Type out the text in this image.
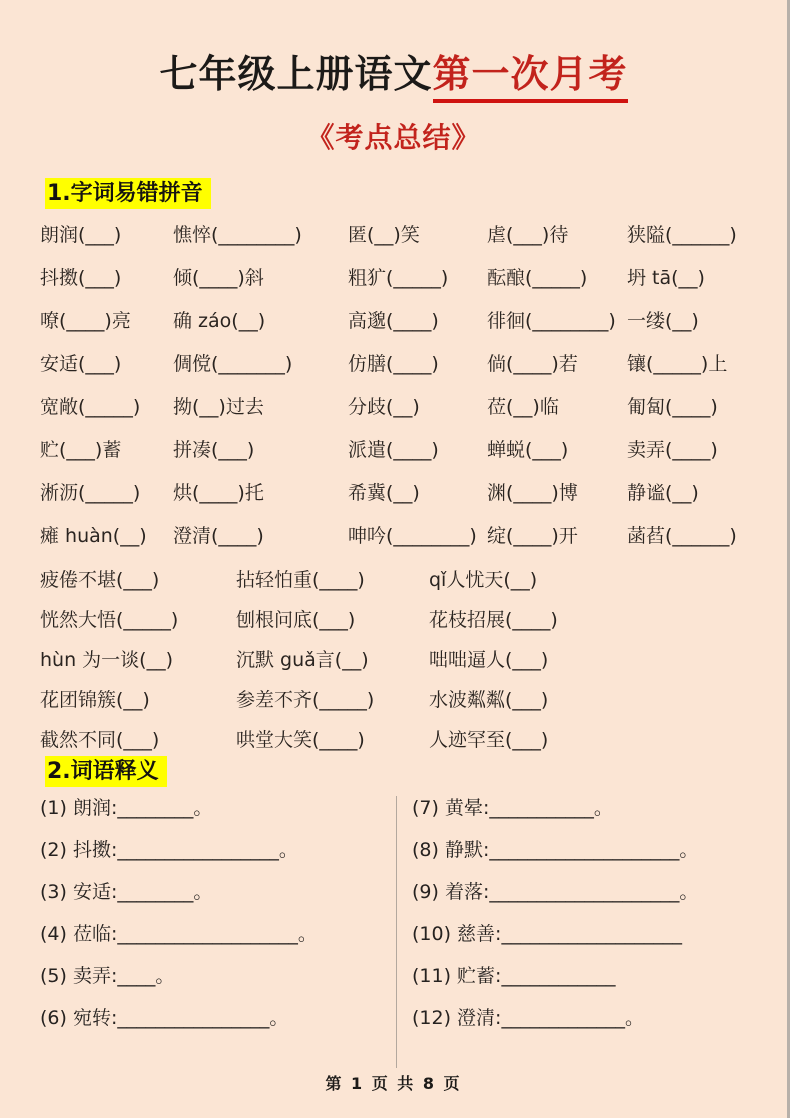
七年级上册语文第一次月考
《考点总结》
1.字词易错拼音
朗润(___)	憔悴(________)	匿(__)笑	虐(___)待	狭隘(______)
抖擞(___)	倾(____)斜	粗犷(_____)	酝酿(_____)	坍 tā(__)
嘹(____)亮	确 záo(__)	高邈(____)	徘徊(________) 一缕(__)
安适(___)	倜傥(_______)	仿膳(____)	倘(____)若	镶(_____)上
宽敞(_____)	拗(__)过去	分歧(__)	莅(__)临	匍匐(____)
贮(___)蓄	拼凑(___)	派遣(____)	蝉蜕(___)	卖弄(____)
淅沥(_____)	烘(____)托	希冀(__)	渊(____)博	静谧(__)
瘫 huàn(__)	澄清(____)	呻吟(________) 绽(____)开	菡萏(______)
疲倦不堪(___)	拈轻怕重(____)	qǐ人忧天(__)
恍然大悟(_____)	刨根问底(___)	花枝招展(____)
hùn 为一谈(__)	沉默 guǎ言(__)	咄咄逼人(___)
花团锦簇(__)	参差不齐(_____)	水波粼粼(___)
截然不同(___)	哄堂大笑(____)	人迹罕至(___)
2.词语释义
(1) 朗润:________。
(2) 抖擞:_________________。
(3) 安适:________。
(4) 莅临:___________________。
(5) 卖弄:____。
(6) 宛转:________________。
(7) 黄晕:___________。
(8) 静默:____________________。
(9) 着落:____________________。
(10) 慈善:___________________
(11) 贮蓄:____________
(12) 澄清:_____________。
第 1 页 共 8 页
